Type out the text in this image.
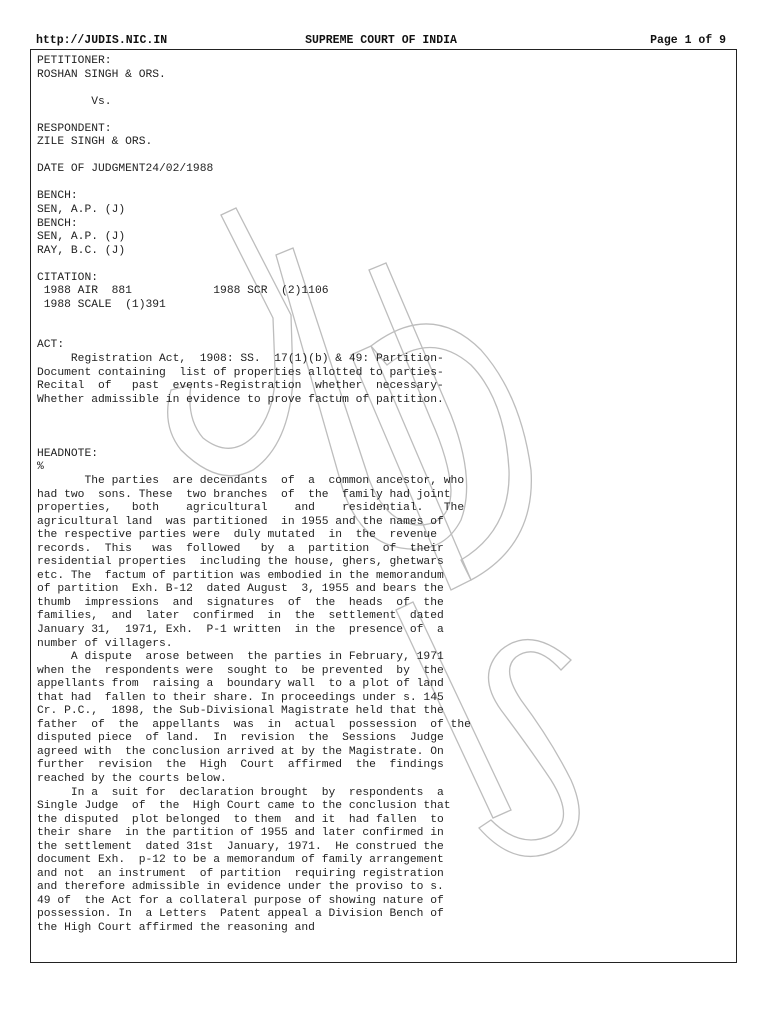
http://JUDIS.NIC.IN	SUPREME COURT OF INDIA	Page 1 of 9
PETITIONER:
ROSHAN SINGH & ORS.
Vs.
RESPONDENT:
ZILE SINGH & ORS.
DATE OF JUDGMENT24/02/1988
BENCH:
SEN, A.P. (J)
BENCH:
SEN, A.P. (J)
RAY, B.C. (J)
CITATION:
1988 AIR  881            1988 SCR  (2)1106
1988 SCALE  (1)391
ACT:
Registration Act,  1908: SS.  17(1)(b) & 49: Partition-
Document containing  list of properties allotted to parties-
Recital  of   past  events-Registration  whether  necessary-
Whether admissible in evidence to prove factum of partition.
HEADNOTE:
%
The parties  are decendants  of  a  common ancestor, who
had two  sons. These  two branches  of  the  family had joint
properties,   both    agricultural    and    residential.   The
agricultural land  was partitioned  in 1955 and the names of
the respective parties were  duly mutated  in  the  revenue
records.  This   was  followed   by  a  partition  of  their
residential properties  including the house, ghers, ghetwars
etc. The  factum of partition was embodied in the memorandum
of partition  Exh. B-12  dated August  3, 1955 and bears the
thumb  impressions  and  signatures  of  the  heads  of  the
families,  and  later  confirmed  in  the  settlement  dated
January 31,  1971, Exh.  P-1 written  in the  presence of  a
number of villagers.
A dispute  arose between  the parties in February, 1971
when the  respondents were  sought to  be prevented  by  the
appellants from  raising a  boundary wall  to a plot of land
that had  fallen to their share. In proceedings under s. 145
Cr. P.C.,  1898, the Sub-Divisional Magistrate held that the
father  of  the  appellants  was  in  actual  possession  of the
disputed piece  of land.  In  revision  the  Sessions  Judge
agreed with  the conclusion arrived at by the Magistrate. On
further  revision  the  High  Court  affirmed  the  findings
reached by the courts below.
In a  suit for  declaration brought  by  respondents  a
Single Judge  of  the  High Court came to the conclusion that
the disputed  plot belonged  to them  and it  had fallen  to
their share  in the partition of 1955 and later confirmed in
the settlement  dated 31st  January, 1971.  He construed the
document Exh.  p-12 to be a memorandum of family arrangement
and not  an instrument  of partition  requiring registration
and therefore admissible in evidence under the proviso to s.
49 of  the Act for a collateral purpose of showing nature of
possession. In  a Letters  Patent appeal a Division Bench of
the High Court affirmed the reasoning and
